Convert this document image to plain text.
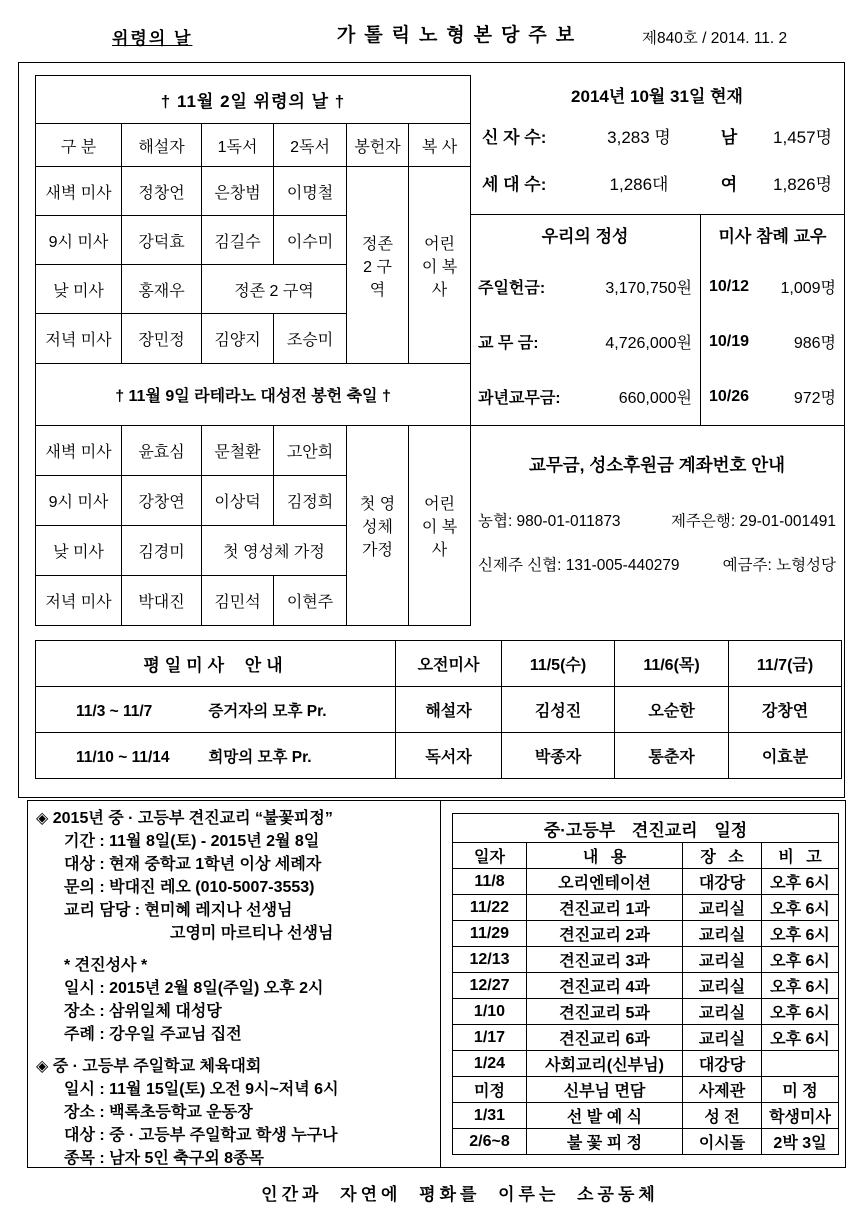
위령의 날	가톨릭노형본당주보	제840호 / 2014. 11. 2
† 11월 2일 위령의 날 †					
구 분	해설자	1독서	2독서	봉헌자	복 사
새벽 미사	정창언	은창범	이명철	정존 2 구역	어린이 복사
9시 미사	강덕효	김길수	이수미		
낮 미사	홍재우	정존 2 구역			
저녁 미사	장민정	김양지	조승미		
† 11월 9일 라테라노 대성전 봉헌 축일 †					
새벽 미사	윤효심	문철환	고안희	첫 영성체 가정	어린이 복사
9시 미사	강창연	이상덕	김정희		
낮 미사	김경미	첫 영성체 가정			
저녁 미사	박대진	김민석	이현주		
2014년 10월 31일 현재
신 자 수:	3,283 명	남	1,457명
세 대 수:	1,286대	여	1,826명
우리의 정성
주일헌금:	3,170,750원
교 무 금:	4,726,000원
과년교무금:	660,000원
미사 참례 교우
10/12 1,009명
10/19	986명
10/26	972명
교무금, 성소후원금 계좌번호 안내
농협: 980-01-011873	제주은행: 29-01-001491
신제주 신협: 131-005-440279	예금주: 노형성당
평일미사 안내	오전미사	11/5(수)	11/6(목)	11/7(금)
11/3 ~ 11/7 증거자의 모후 Pr.	해설자	김성진	오순한	강창연
11/10 ~ 11/14 희망의 모후 Pr.	독서자	박종자	통춘자	이효분
◈ 2015년 중 · 고등부 견진교리 “불꽃피정”
기간 : 11월 8일(토) - 2015년 2월 8일
대상 : 현재 중학교 1학년 이상 세례자
문의 : 박대진 레오 (010-5007-3553)
교리 담당 : 현미혜 레지나 선생님
고영미 마르티나 선생님
* 견진성사 *
일시 : 2015년 2월 8일(주일) 오후 2시
장소 : 삼위일체 대성당
주례 : 강우일 주교님 집전
◈ 중 · 고등부 주일학교 체육대회
일시 : 11월 15일(토) 오전 9시~저녁 6시
장소 : 백록초등학교 운동장
대상 : 중 · 고등부 주일학교 학생 누구나
종목 : 남자 5인 축구외 8종목
중·고등부 견진교리 일정			
일자	내 용	장 소	비 고
11/8	오리엔테이션	대강당	오후 6시
11/22	견진교리 1과	교리실	오후 6시
11/29	견진교리 2과	교리실	오후 6시
12/13	견진교리 3과	교리실	오후 6시
12/27	견진교리 4과	교리실	오후 6시
1/10	견진교리 5과	교리실	오후 6시
1/17	견진교리 6과	교리실	오후 6시
1/24	사회교리(신부님)	대강당	
미정	신부님 면담	사제관	미 정
1/31	선 발 예 식	성 전	학생미사
2/6~8	불 꽃 피 정	이시돌	2박 3일
인간과 자연에 평화를 이루는 소공동체
